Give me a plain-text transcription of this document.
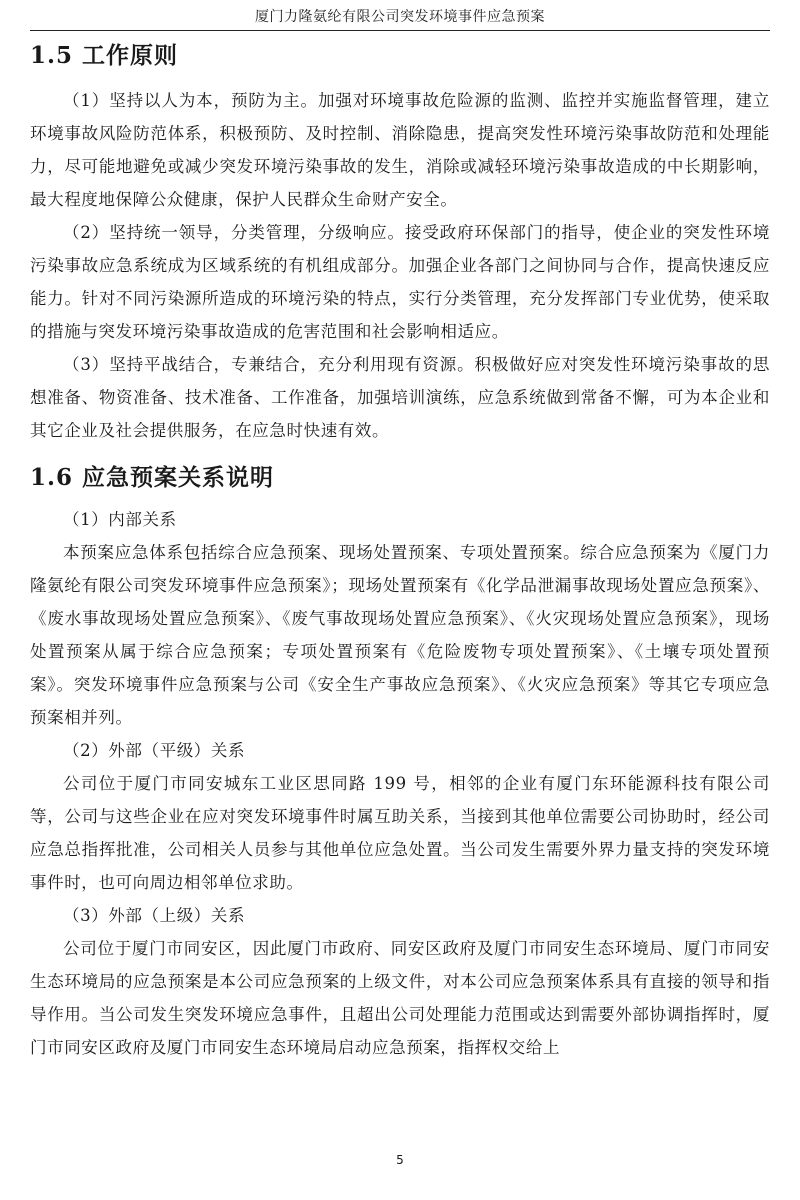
厦门力隆氨纶有限公司突发环境事件应急预案
1.5 工作原则

（1）坚持以人为本，预防为主。加强对环境事故危险源的监测、监控并实施监督管理，建立环境事故风险防范体系，积极预防、及时控制、消除隐患，提高突发性环境污染事故防范和处理能力，尽可能地避免或减少突发环境污染事故的发生，消除或减轻环境污染事故造成的中长期影响，最大程度地保障公众健康，保护人民群众生命财产安全。

（2）坚持统一领导，分类管理，分级响应。接受政府环保部门的指导，使企业的突发性环境污染事故应急系统成为区域系统的有机组成部分。加强企业各部门之间协同与合作，提高快速反应能力。针对不同污染源所造成的环境污染的特点，实行分类管理，充分发挥部门专业优势，使采取的措施与突发环境污染事故造成的危害范围和社会影响相适应。

（3）坚持平战结合，专兼结合，充分利用现有资源。积极做好应对突发性环境污染事故的思想准备、物资准备、技术准备、工作准备，加强培训演练，应急系统做到常备不懈，可为本企业和其它企业及社会提供服务，在应急时快速有效。

1.6 应急预案关系说明

（1）内部关系

本预案应急体系包括综合应急预案、现场处置预案、专项处置预案。综合应急预案为《厦门力隆氨纶有限公司突发环境事件应急预案》；现场处置预案有《化学品泄漏事故现场处置应急预案》、《废水事故现场处置应急预案》、《废气事故现场处置应急预案》、《火灾现场处置应急预案》，现场处置预案从属于综合应急预案；专项处置预案有《危险废物专项处置预案》、《土壤专项处置预案》。突发环境事件应急预案与公司《安全生产事故应急预案》、《火灾应急预案》等其它专项应急预案相并列。

（2）外部（平级）关系

公司位于厦门市同安城东工业区思同路 199 号，相邻的企业有厦门东环能源科技有限公司等，公司与这些企业在应对突发环境事件时属互助关系，当接到其他单位需要公司协助时，经公司应急总指挥批准，公司相关人员参与其他单位应急处置。当公司发生需要外界力量支持的突发环境事件时，也可向周边相邻单位求助。

（3）外部（上级）关系

公司位于厦门市同安区，因此厦门市政府、同安区政府及厦门市同安生态环境局、厦门市同安生态环境局的应急预案是本公司应急预案的上级文件，对本公司应急预案体系具有直接的领导和指导作用。当公司发生突发环境应急事件，且超出公司处理能力范围或达到需要外部协调指挥时，厦门市同安区政府及厦门市同安生态环境局启动应急预案，指挥权交给上

5
